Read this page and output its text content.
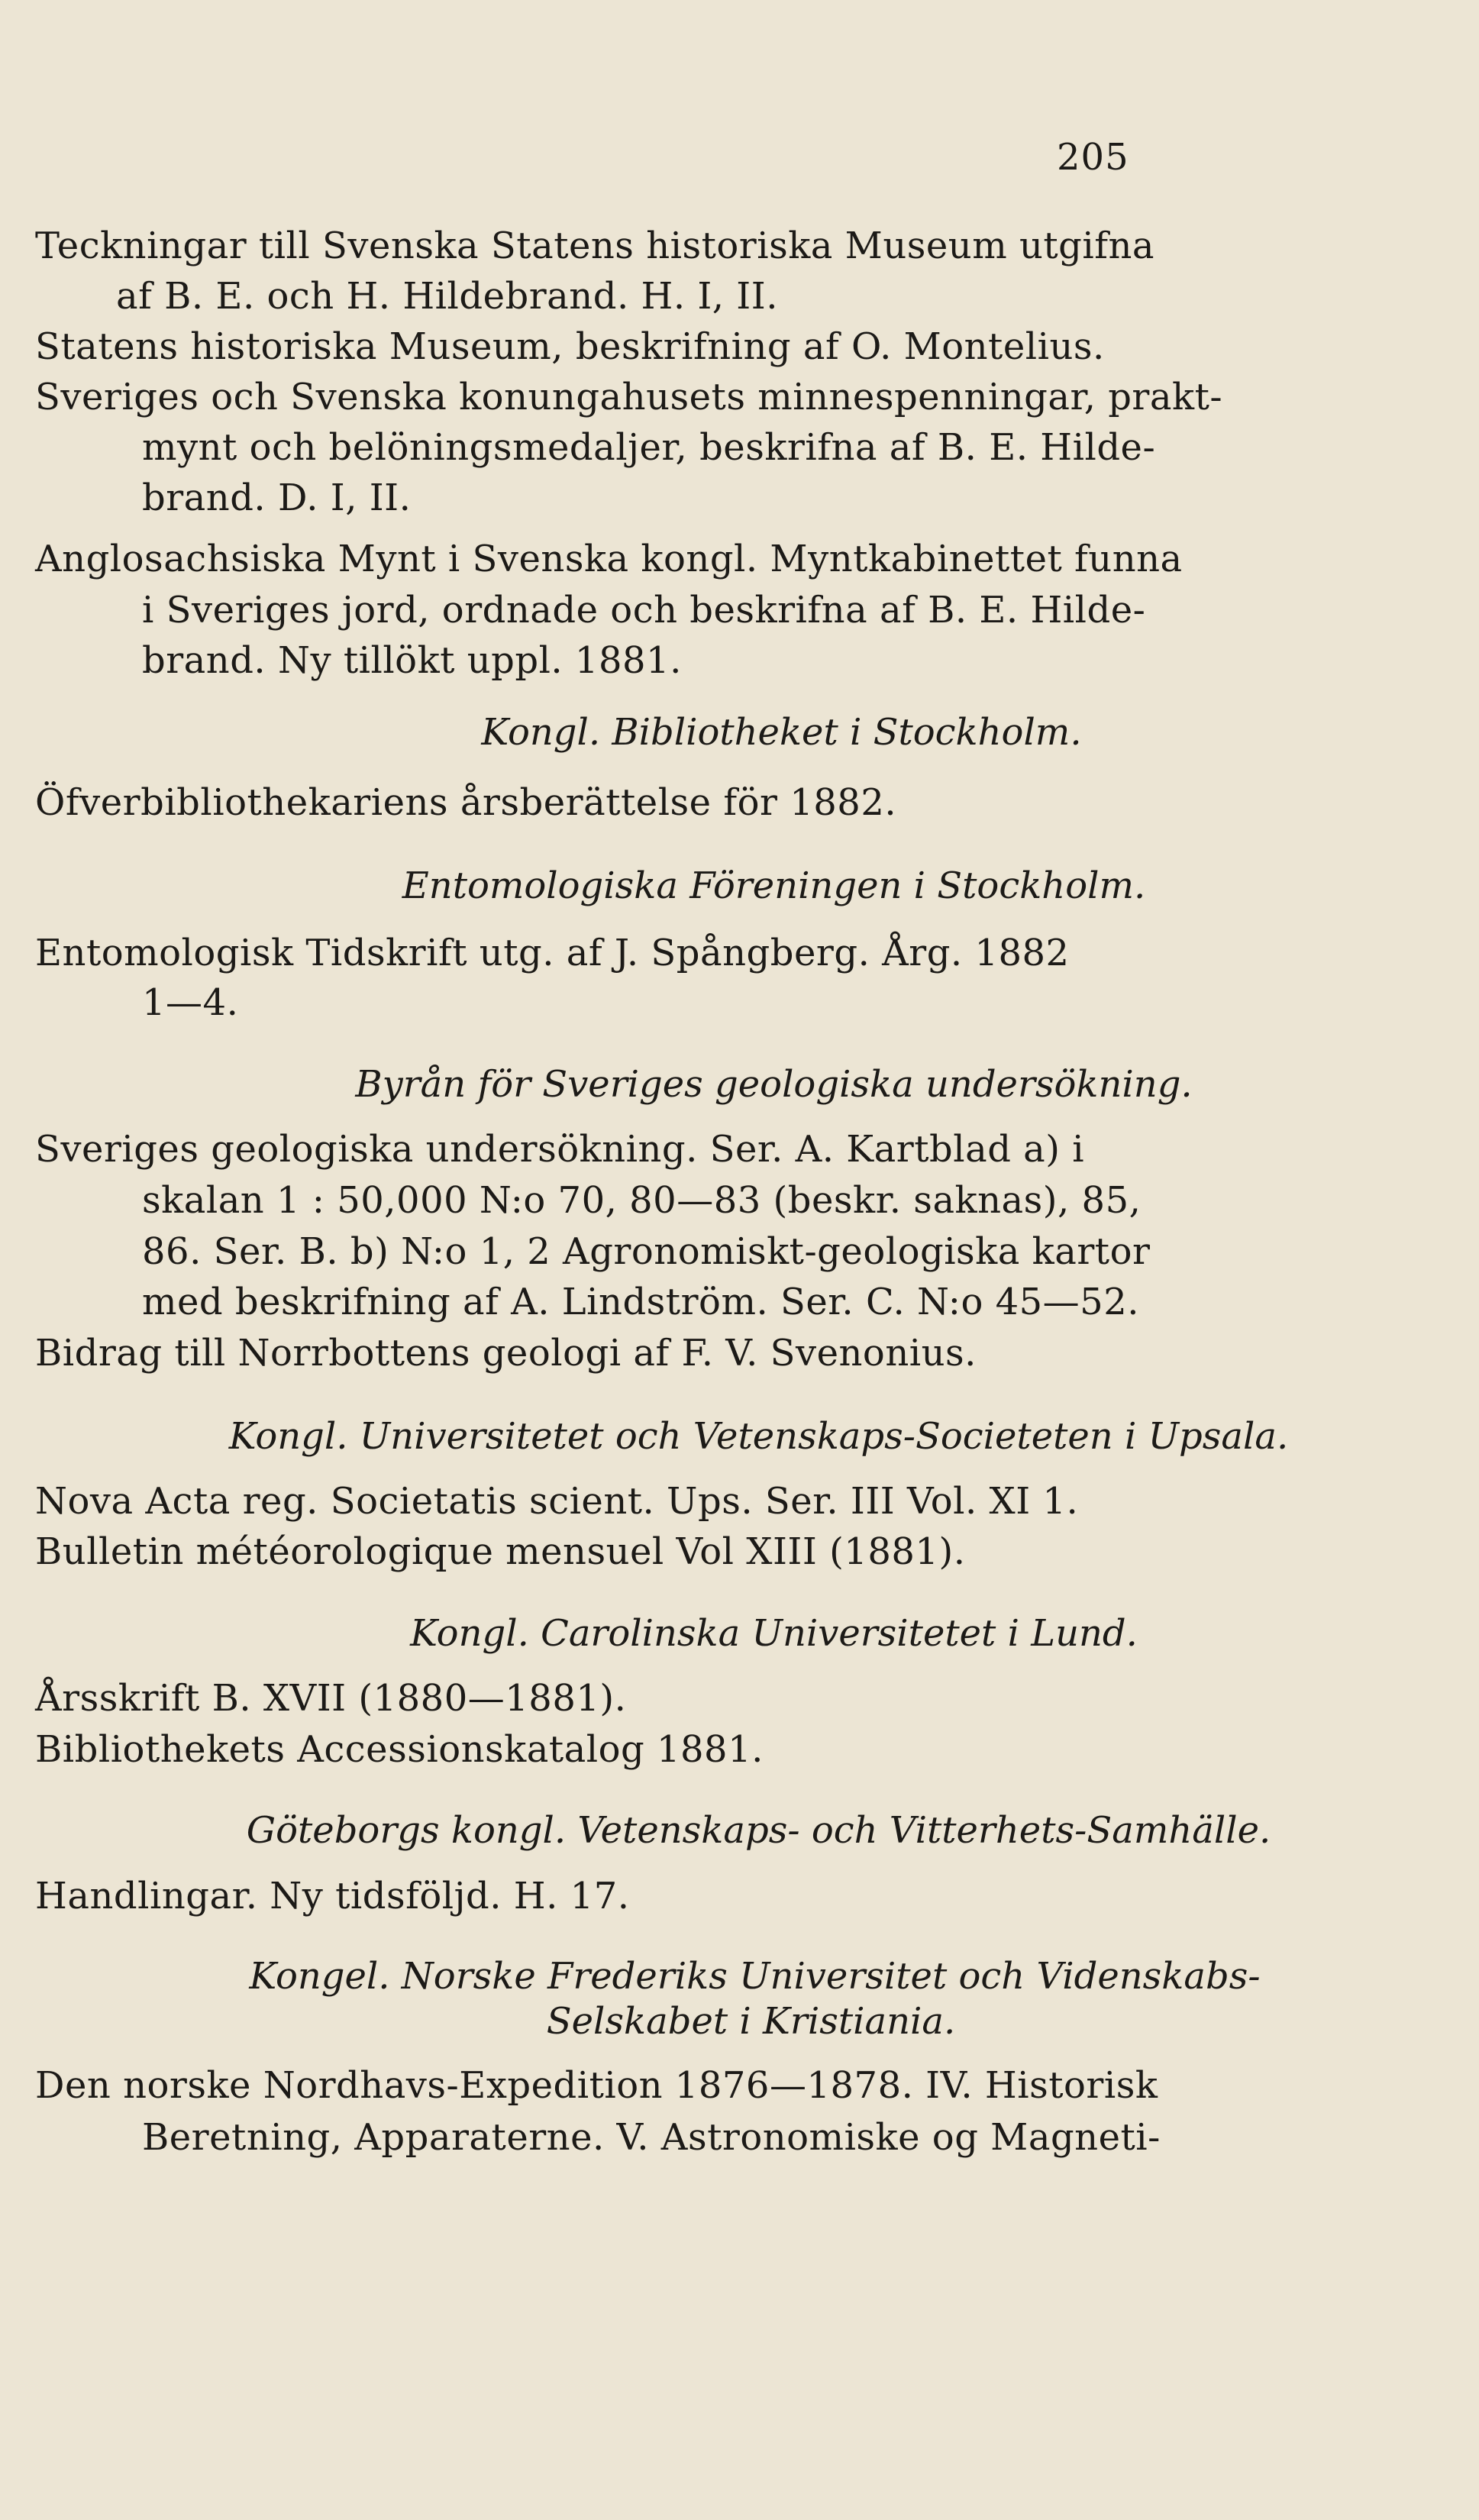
205
Teckningar till Svenska Statens historiska Museum utgifna
af B. E. och H. Hildebrand. H. I, II.
Statens historiska Museum, beskrifning af O. Montelius.
Sveriges och Svenska konungahusets minnespenningar, prakt-
mynt och belöningsmedaljer, beskrifna af B. E. Hilde-
brand. D. I, II.
Anglosachsiska Mynt i Svenska kongl. Myntkabinettet funna
i Sveriges jord, ordnade och beskrifna af B. E. Hilde-
brand. Ny tillökt uppl. 1881.
Kongl. Bibliotheket i Stockholm.
Öfverbibliothekariens årsberättelse för 1882.
Entomologiska Föreningen i Stockholm.
Entomologisk Tidskrift utg. af J. Spångberg. Årg. 1882
1—4.
Byrån för Sveriges geologiska undersökning.
Sveriges geologiska undersökning. Ser. A. Kartblad a) i
skalan 1 : 50,000 N:o 70, 80—83 (beskr. saknas), 85,
86. Ser. B. b) N:o 1, 2 Agronomiskt-geologiska kartor
med beskrifning af A. Lindström. Ser. C. N:o 45—52.
Bidrag till Norrbottens geologi af F. V. Svenonius.
Kongl. Universitetet och Vetenskaps-Societeten i Upsala.
Nova Acta reg. Societatis scient. Ups. Ser. III Vol. XI 1.
Bulletin météorologique mensuel Vol XIII (1881).
Kongl. Carolinska Universitetet i Lund.
Årsskrift B. XVII (1880—1881).
Bibliothekets Accessionskatalog 1881.
Göteborgs kongl. Vetenskaps- och Vitterhets-Samhälle.
Handlingar. Ny tidsföljd. H. 17.
Kongel. Norske Frederiks Universitet och Videnskabs-
Selskabet i Kristiania.
Den norske Nordhavs-Expedition 1876—1878. IV. Historisk
Beretning, Apparaterne. V. Astronomiske og Magneti-
